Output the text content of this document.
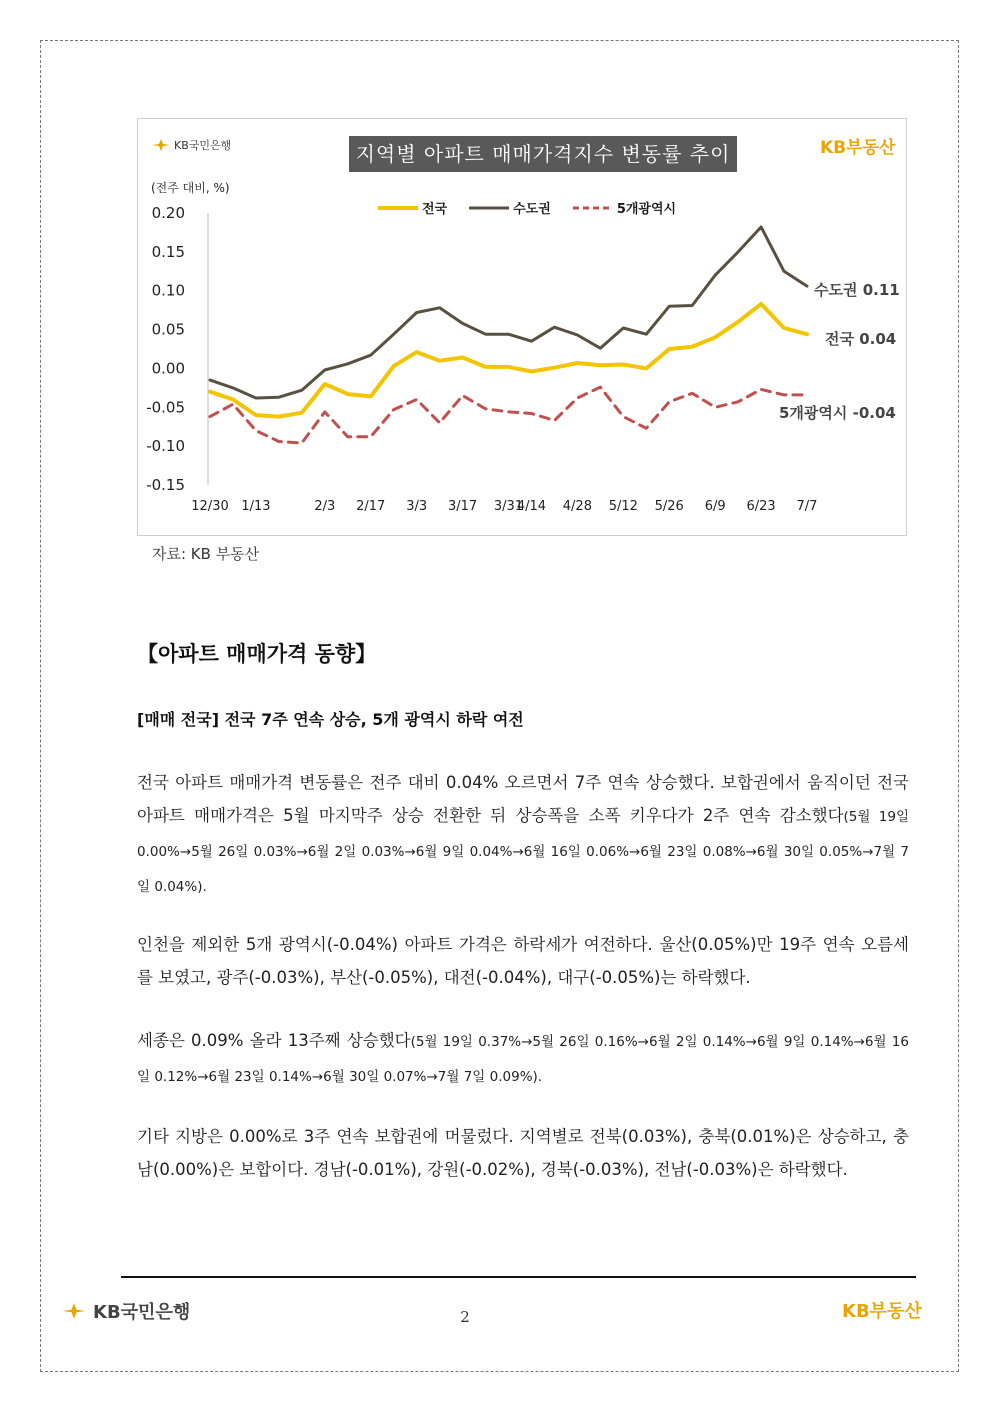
KB국민은행	KB부동산
지역별 아파트 매매가격지수 변동률 추이
(전주 대비, %)
전국	수도권	5개광역시
0.20
0.15
0.10
0.05
0.00
-0.05
-0.10
-0.15
12/30 1/13	2/3 2/17 3/3 3/17 3/31
4/14 4/28 5/12 5/26 6/9 6/23 7/7
전국 0.04
수도권 0.11
5개광역시 -0.04
자료: KB 부동산
【아파트 매매가격 동향】
[매매 전국] 전국 7주 연속 상승, 5개 광역시 하락 여전
전국 아파트 매매가격 변동률은 전주 대비 0.04% 오르면서 7주 연속 상승했다. 보합권에서 움직이던 전국 아파트 매매가격은 5월 마지막주 상승 전환한 뒤 상승폭을 소폭 키우다가 2주 연속 감소했다(5월 19일 0.00%→5월 26일 0.03%→6월 2일 0.03%→6월 9일 0.04%→6월 16일 0.06%→6월 23일 0.08%→6월 30일 0.05%→7월 7일 0.04%).
인천을 제외한 5개 광역시(-0.04%) 아파트 가격은 하락세가 여전하다. 울산(0.05%)만 19주 연속 오름세를 보였고, 광주(-0.03%), 부산(-0.05%), 대전(-0.04%), 대구(-0.05%)는 하락했다.
세종은 0.09% 올라 13주째 상승했다(5월 19일 0.37%→5월 26일 0.16%→6월 2일 0.14%→6월 9일 0.14%→6월 16일 0.12%→6월 23일 0.14%→6월 30일 0.07%→7월 7일 0.09%).
기타 지방은 0.00%로 3주 연속 보합권에 머물렀다. 지역별로 전북(0.03%), 충북(0.01%)은 상승하고, 충남(0.00%)은 보합이다. 경남(-0.01%), 강원(-0.02%), 경북(-0.03%), 전남(-0.03%)은 하락했다.
KB국민은행	2	KB부동산
